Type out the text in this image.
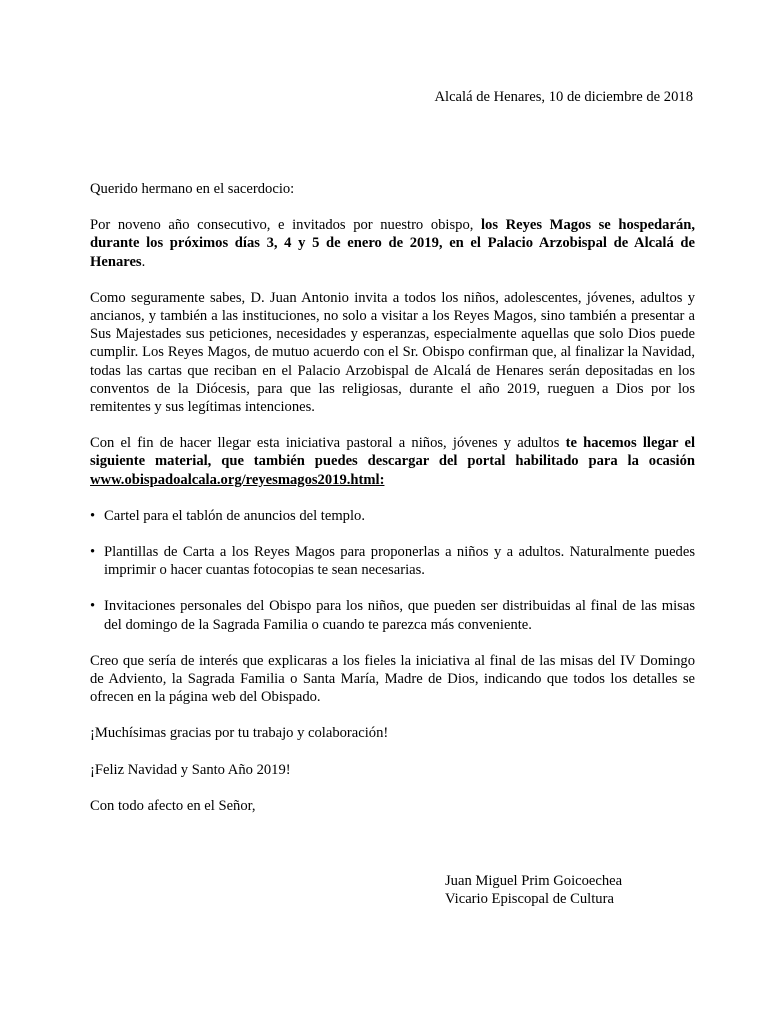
Alcalá de Henares, 10 de diciembre de 2018

Querido hermano en el sacerdocio:

Por noveno año consecutivo, e invitados por nuestro obispo, los Reyes Magos se hospedarán, durante los próximos días 3, 4 y 5 de enero de 2019, en el Palacio Arzobispal de Alcalá de Henares.

Como seguramente sabes, D. Juan Antonio invita a todos los niños, adolescentes, jóvenes, adultos y ancianos, y también a las instituciones, no solo a visitar a los Reyes Magos, sino también a presentar a Sus Majestades sus peticiones, necesidades y esperanzas, especialmente aquellas que solo Dios puede cumplir. Los Reyes Magos, de mutuo acuerdo con el Sr. Obispo confirman que, al finalizar la Navidad, todas las cartas que reciban en el Palacio Arzobispal de Alcalá de Henares serán depositadas en los conventos de la Diócesis, para que las religiosas, durante el año 2019, rueguen a Dios por los remitentes y sus legítimas intenciones.

Con el fin de hacer llegar esta iniciativa pastoral a niños, jóvenes y adultos te hacemos llegar el siguiente material, que también puedes descargar del portal habilitado para la ocasión www.obispadoalcala.org/reyesmagos2019.html:

• Cartel para el tablón de anuncios del templo.
• Plantillas de Carta a los Reyes Magos para proponerlas a niños y a adultos. Naturalmente puedes imprimir o hacer cuantas fotocopias te sean necesarias.
• Invitaciones personales del Obispo para los niños, que pueden ser distribuidas al final de las misas del domingo de la Sagrada Familia o cuando te parezca más conveniente.

Creo que sería de interés que explicaras a los fieles la iniciativa al final de las misas del IV Domingo de Adviento, la Sagrada Familia o Santa María, Madre de Dios, indicando que todos los detalles se ofrecen en la página web del Obispado.

¡Muchísimas gracias por tu trabajo y colaboración!

¡Feliz Navidad y Santo Año 2019!

Con todo afecto en el Señor,

Juan Miguel Prim Goicoechea
Vicario Episcopal de Cultura
